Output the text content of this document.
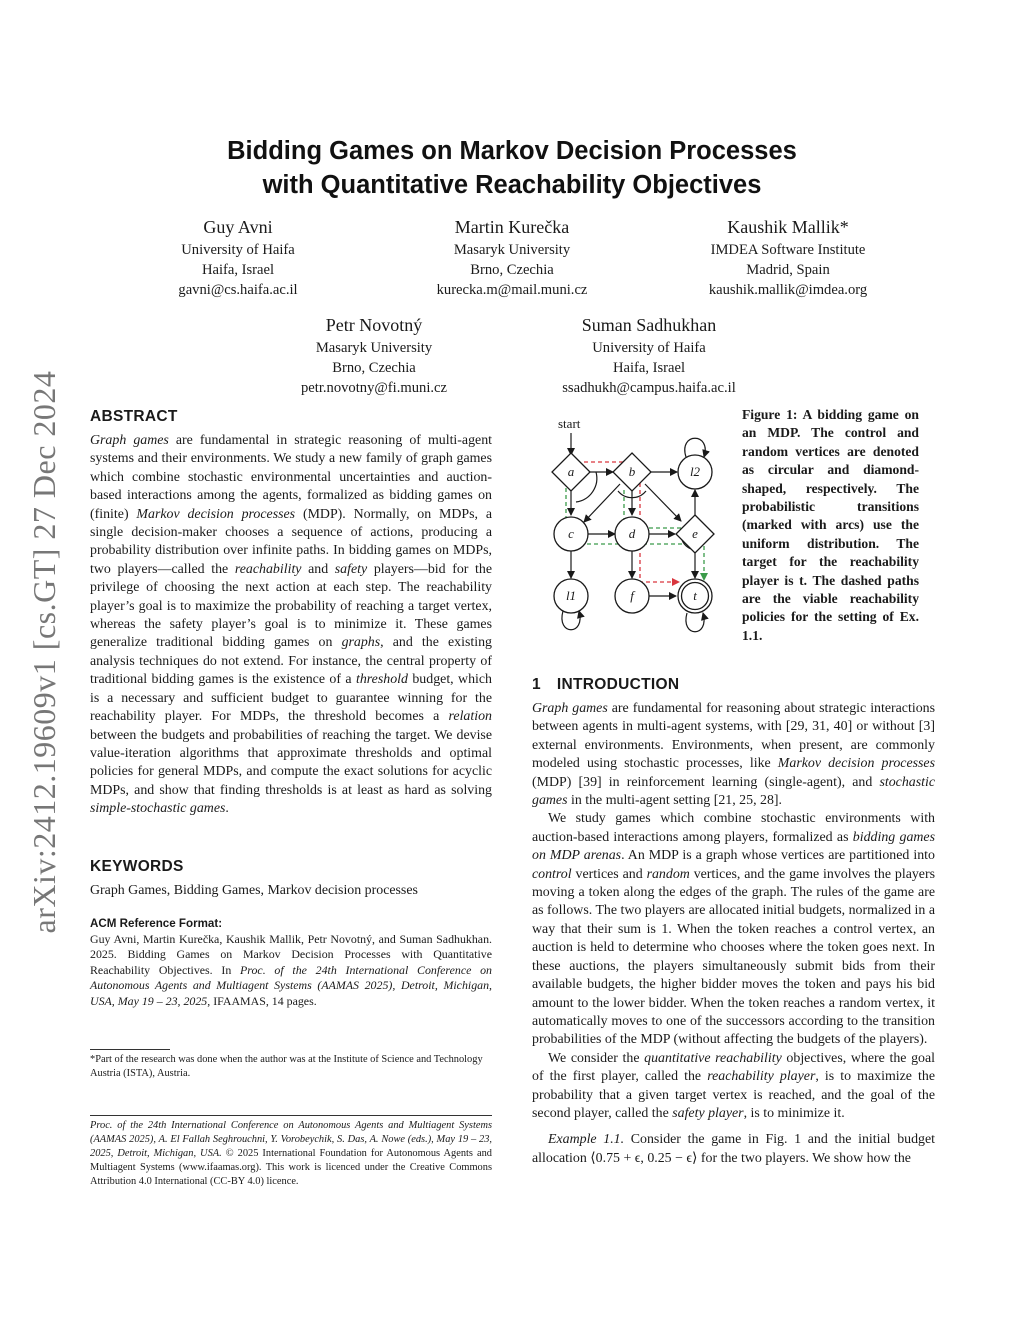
Bidding Games on Markov Decision Processes
with Quantitative Reachability Objectives
arXiv:2412.19609v1 [cs.GT] 27 Dec 2024
Guy Avni
University of Haifa
Haifa, Israel
gavni@cs.haifa.ac.il
Martin Kurečka
Masaryk University
Brno, Czechia
kurecka.m@mail.muni.cz
Kaushik Mallik*
IMDEA Software Institute
Madrid, Spain
kaushik.mallik@imdea.org
Petr Novotný
Masaryk University
Brno, Czechia
petr.novotny@fi.muni.cz
Suman Sadhukhan
University of Haifa
Haifa, Israel
ssadhukh@campus.haifa.ac.il
ABSTRACT

Graph games are fundamental in strategic reasoning of multi-agent systems and their environments. We study a new family of graph games which combine stochastic environmental uncertainties and auction-based interactions among the agents, formalized as bidding games on (finite) Markov decision processes (MDP). Normally, on MDPs, a single decision-maker chooses a sequence of actions, producing a probability distribution over infinite paths. In bidding games on MDPs, two players—called the reachability and safety players—bid for the privilege of choosing the next action at each step. The reachability player’s goal is to maximize the probability of reaching a target vertex, whereas the safety player’s goal is to minimize it. These games generalize traditional bidding games on graphs, and the existing analysis techniques do not extend. For instance, the central property of traditional bidding games is the existence of a threshold budget, which is a necessary and sufficient budget to guarantee winning for the reachability player. For MDPs, the threshold becomes a relation between the budgets and probabilities of reaching the target. We devise value-iteration algorithms that approximate thresholds and optimal policies for general MDPs, and compute the exact solutions for acyclic MDPs, and show that finding thresholds is at least as hard as solving simple-stochastic games.

KEYWORDS
Graph Games, Bidding Games, Markov decision processes
ACM Reference Format:
Guy Avni, Martin Kurečka, Kaushik Mallik, Petr Novotný, and Suman Sadhukhan. 2025. Bidding Games on Markov Decision Processes with Quantitative Reachability Objectives. In Proc. of the 24th International Conference on Autonomous Agents and Multiagent Systems (AAMAS 2025), Detroit, Michigan, USA, May 19 – 23, 2025, IFAAMAS, 14 pages.
*Part of the research was done when the author was at the Institute of Science and Technology Austria (ISTA), Austria.
Proc. of the 24th International Conference on Autonomous Agents and Multiagent Systems (AAMAS 2025), A. El Fallah Seghrouchni, Y. Vorobeychik, S. Das, A. Nowe (eds.), May 19 – 23, 2025, Detroit, Michigan, USA. © 2025 International Foundation for Autonomous Agents and Multiagent Systems (www.ifaamas.org). This work is licenced under the Creative Commons Attribution 4.0 International (CC-BY 4.0) licence.
start
a	b	l2
c	d	e
l1	f	t
Figure 1: A bidding game on an MDP. The control and random vertices are denoted as circular and diamond-shaped, respectively. The probabilistic transitions (marked with arcs) use the uniform distribution. The target for the reachability player is t. The dashed paths are the viable reachability policies for the setting of Ex. 1.1.
1 INTRODUCTION

Graph games are fundamental for reasoning about strategic interactions between agents in multi-agent systems, with [29, 31, 40] or without [3] external environments. Environments, when present, are commonly modeled using stochastic processes, like Markov decision processes (MDP) [39] in reinforcement learning (single-agent), and stochastic games in the multi-agent setting [21, 25, 28].

We study games which combine stochastic environments with auction-based interactions among players, formalized as bidding games on MDP arenas. An MDP is a graph whose vertices are partitioned into control vertices and random vertices, and the game involves the players moving a token along the edges of the graph. The rules of the game are as follows. The two players are allocated initial budgets, normalized in a way that their sum is 1. When the token reaches a control vertex, an auction is held to determine who chooses where the token goes next. In these auctions, the players simultaneously submit bids from their available budgets, the higher bidder moves the token and pays his bid amount to the lower bidder. When the token reaches a random vertex, it automatically moves to one of the successors according to the transition probabilities of the MDP (without affecting the budgets of the players).

We consider the quantitative reachability objectives, where the goal of the first player, called the reachability player, is to maximize the probability that a given target vertex is reached, and the goal of the second player, called the safety player, is to minimize it.

Example 1.1. Consider the game in Fig. 1 and the initial budget allocation ⟨0.75 + ϵ, 0.25 − ϵ⟩ for the two players. We show how the
